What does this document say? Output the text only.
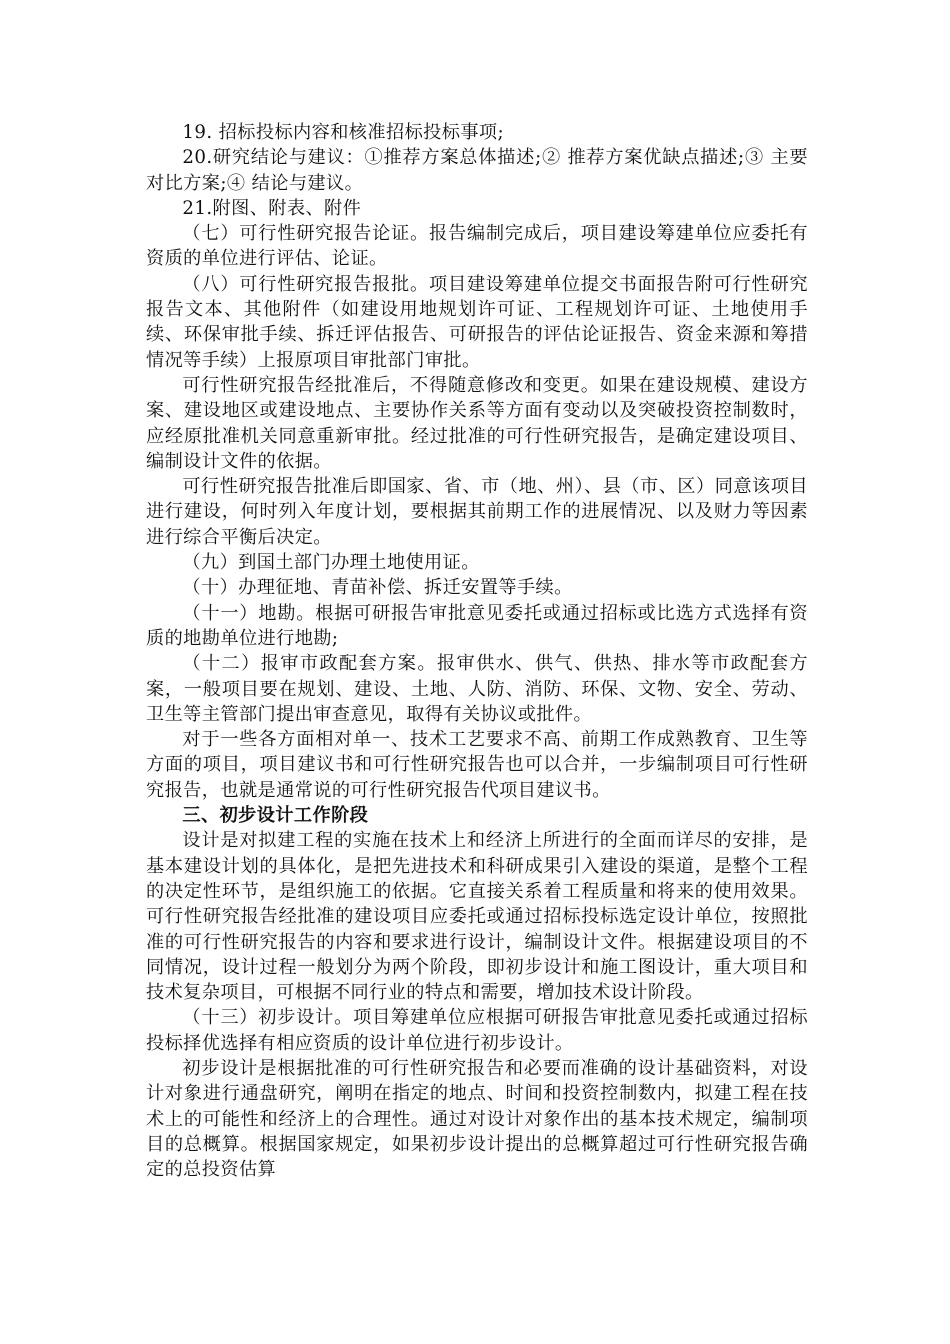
19. 招标投标内容和核准招标投标事项;

20.研究结论与建议：①推荐方案总体描述;② 推荐方案优缺点描述;③ 主要对比方案;④ 结论与建议。

21.附图、附表、附件

（七）可行性研究报告论证。报告编制完成后，项目建设筹建单位应委托有资质的单位进行评估、论证。

（八）可行性研究报告报批。项目建设筹建单位提交书面报告附可行性研究报告文本、其他附件（如建设用地规划许可证、工程规划许可证、土地使用手续、环保审批手续、拆迁评估报告、可研报告的评估论证报告、资金来源和筹措情况等手续）上报原项目审批部门审批。

可行性研究报告经批准后，不得随意修改和变更。如果在建设规模、建设方案、建设地区或建设地点、主要协作关系等方面有变动以及突破投资控制数时，应经原批准机关同意重新审批。经过批准的可行性研究报告，是确定建设项目、编制设计文件的依据。

可行性研究报告批准后即国家、省、市（地、州）、县（市、区）同意该项目进行建设，何时列入年度计划，要根据其前期工作的进展情况、以及财力等因素进行综合平衡后决定。

（九）到国土部门办理土地使用证。

（十）办理征地、青苗补偿、拆迁安置等手续。

（十一）地勘。根据可研报告审批意见委托或通过招标或比选方式选择有资质的地勘单位进行地勘;

（十二）报审市政配套方案。报审供水、供气、供热、排水等市政配套方案，一般项目要在规划、建设、土地、人防、消防、环保、文物、安全、劳动、卫生等主管部门提出审查意见，取得有关协议或批件。

对于一些各方面相对单一、技术工艺要求不高、前期工作成熟教育、卫生等方面的项目，项目建议书和可行性研究报告也可以合并，一步编制项目可行性研究报告，也就是通常说的可行性研究报告代项目建议书。

三、初步设计工作阶段

设计是对拟建工程的实施在技术上和经济上所进行的全面而详尽的安排，是基本建设计划的具体化，是把先进技术和科研成果引入建设的渠道，是整个工程的决定性环节，是组织施工的依据。它直接关系着工程质量和将来的使用效果。可行性研究报告经批准的建设项目应委托或通过招标投标选定设计单位，按照批准的可行性研究报告的内容和要求进行设计，编制设计文件。根据建设项目的不同情况，设计过程一般划分为两个阶段，即初步设计和施工图设计，重大项目和技术复杂项目，可根据不同行业的特点和需要，增加技术设计阶段。

（十三）初步设计。项目筹建单位应根据可研报告审批意见委托或通过招标投标择优选择有相应资质的设计单位进行初步设计。

初步设计是根据批准的可行性研究报告和必要而准确的设计基础资料，对设计对象进行通盘研究，阐明在指定的地点、时间和投资控制数内，拟建工程在技术上的可能性和经济上的合理性。通过对设计对象作出的基本技术规定，编制项目的总概算。根据国家规定，如果初步设计提出的总概算超过可行性研究报告确定的总投资估算
